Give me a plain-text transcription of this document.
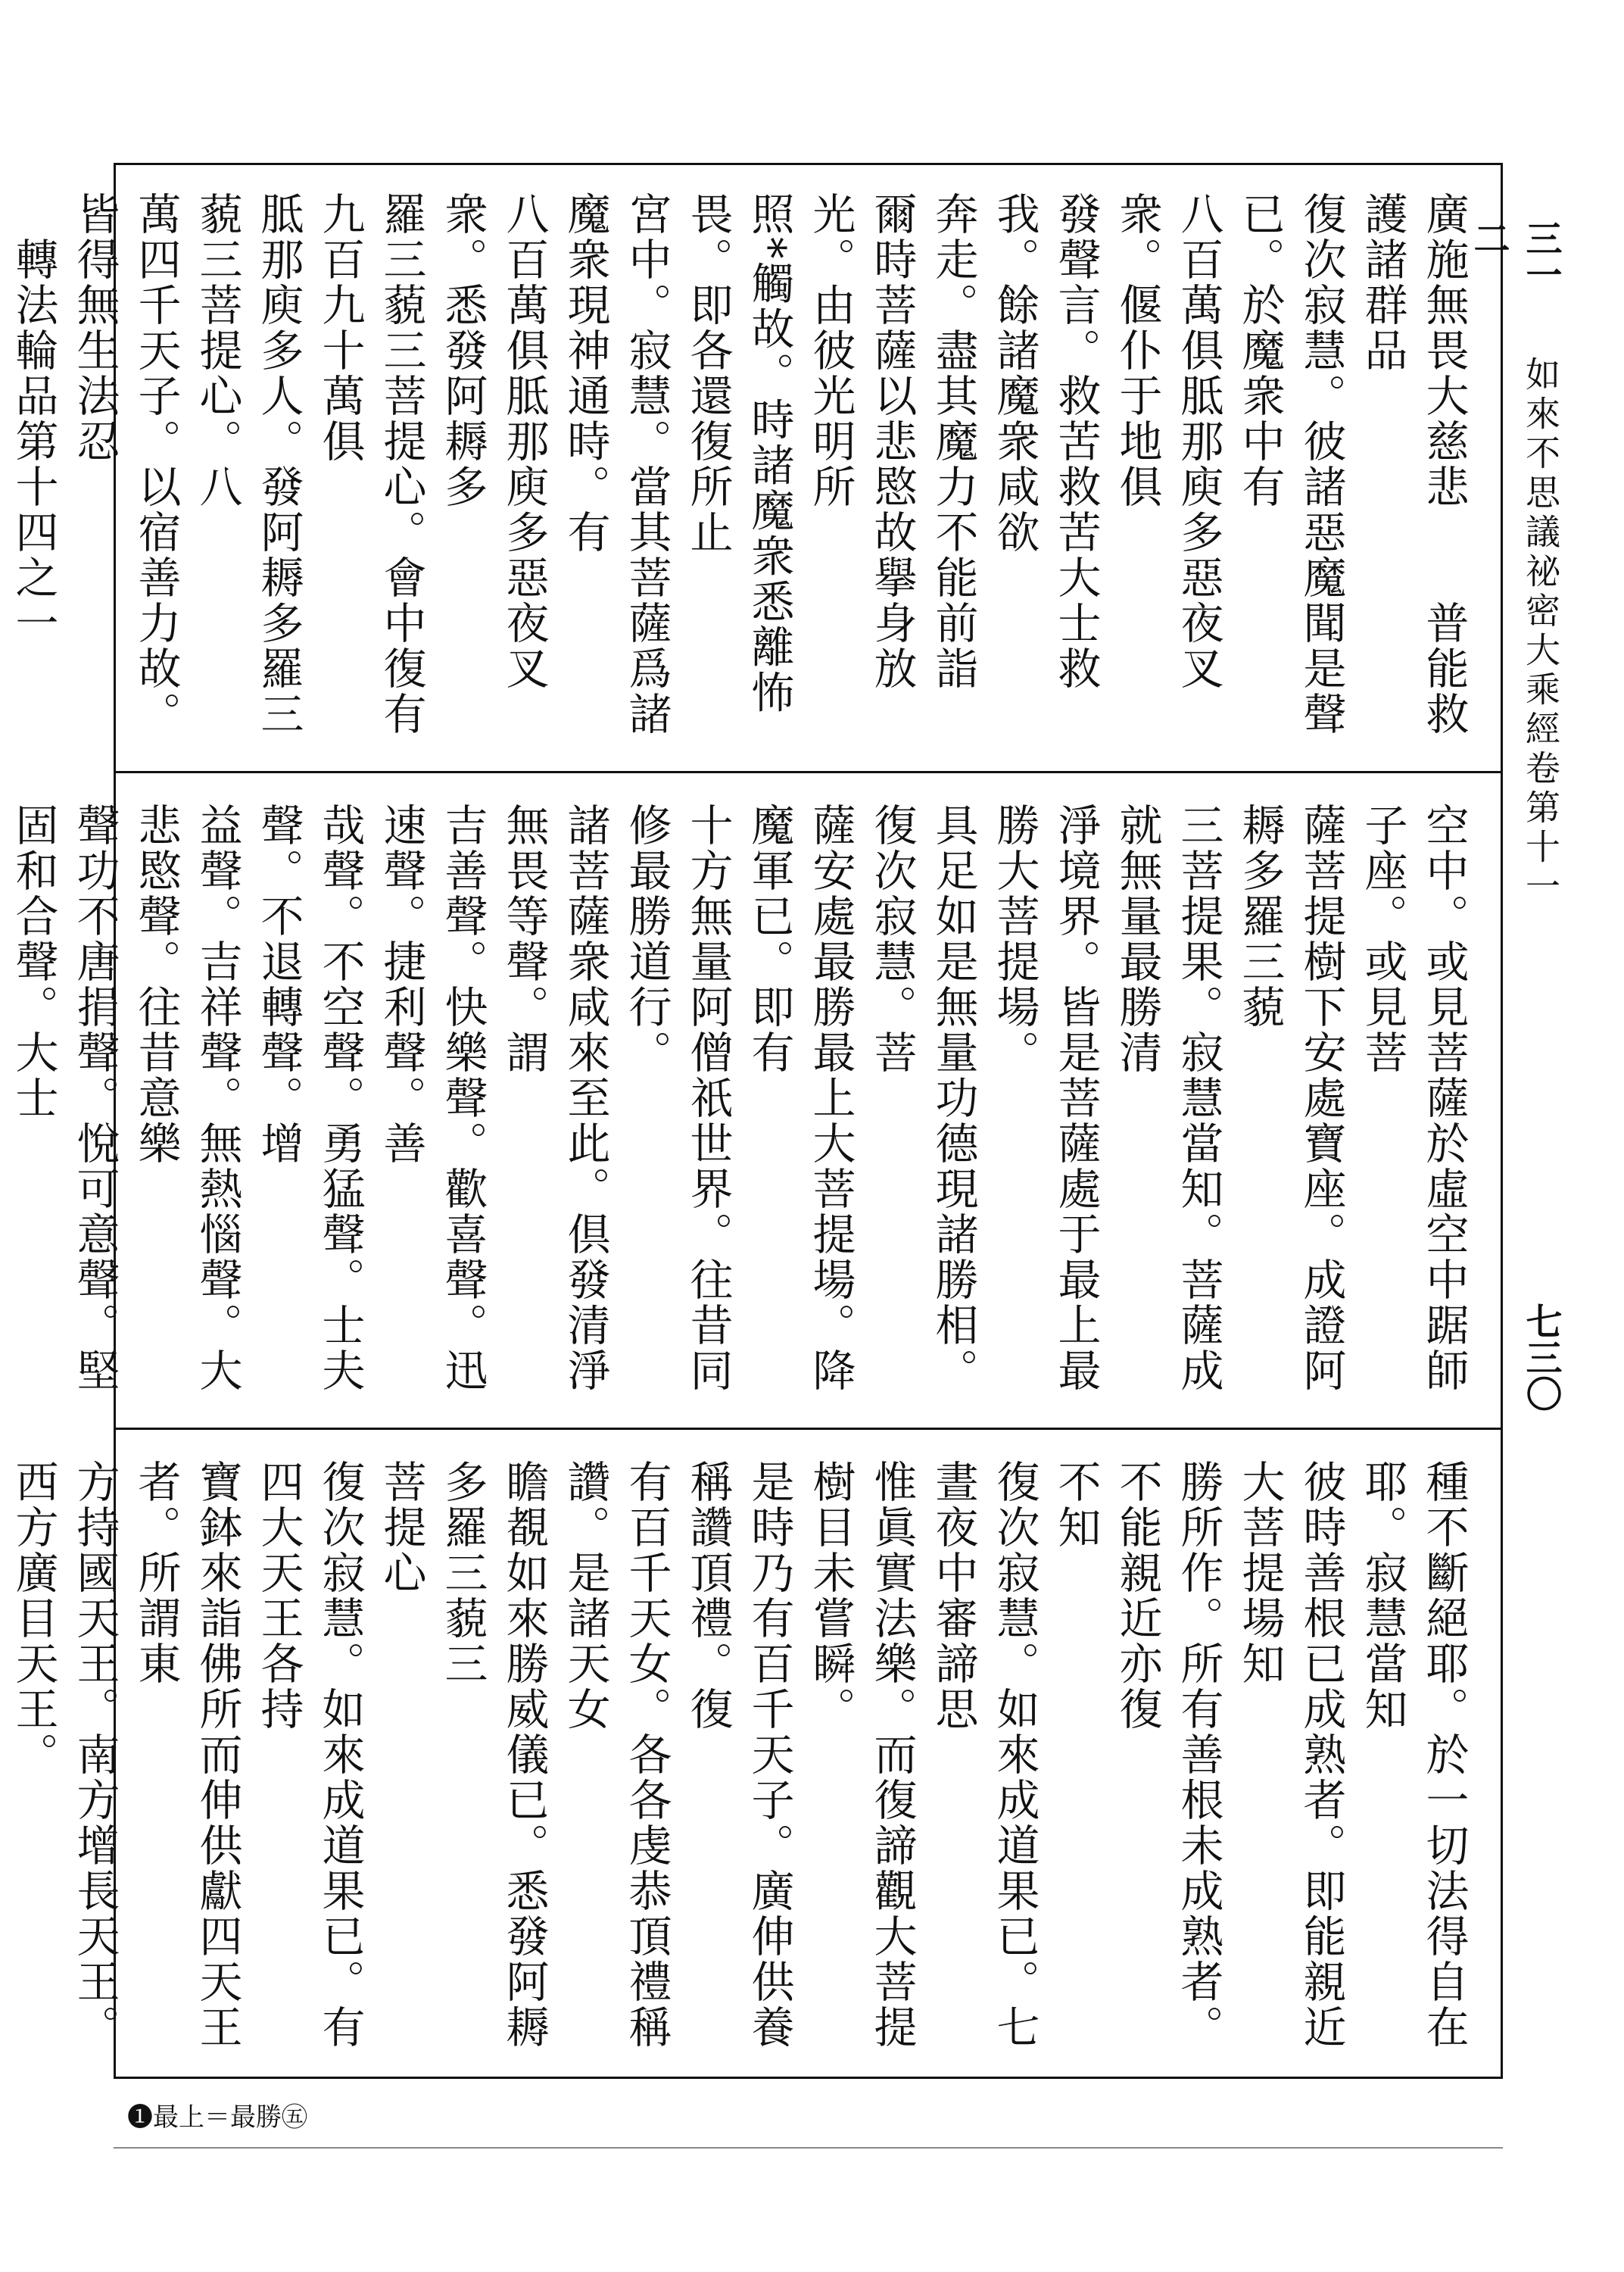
三一二
如來不思議祕密大乘經卷第十一
七三〇
廣施無畏大慈悲　　普能救護諸群品
復次寂慧。彼諸惡魔聞是聲已。於魔衆中有
八百萬俱胝那庾多惡夜叉衆。偃仆于地俱
發聲言。救苦救苦大士救我。餘諸魔衆咸欲
奔走。盡其魔力不能前詣
爾時菩薩以悲愍故擧身放光。由彼光明所
照*觸故。時諸魔衆悉離怖畏。即各還復所止
宮中。寂慧。當其菩薩爲諸魔衆現神通時。有
八百萬俱胝那庾多惡夜叉衆。悉發阿耨多
羅三藐三菩提心。會中復有九百九十萬俱
胝那庾多人。發阿耨多羅三藐三菩提心。八
萬四千天子。以宿善力故。皆得無生法忍
　轉法輪品第十四之一

空中。或見菩薩於虛空中踞師子座。或見菩
薩菩提樹下安處寶座。成證阿耨多羅三藐
三菩提果。寂慧當知。菩薩成就無量最勝清
淨境界。皆是菩薩處于最上最勝大菩提場。
具足如是無量功德現諸勝相。復次寂慧。菩
薩安處最勝最上大菩提場。降魔軍已。即有
十方無量阿僧祇世界。往昔同修最勝道行。
諸菩薩衆咸來至此。倶發清淨無畏等聲。謂
吉善聲。快樂聲。歡喜聲。迅速聲。捷利聲。善
哉聲。不空聲。勇猛聲。士夫聲。不退轉聲。增
益聲。吉祥聲。無熱惱聲。大悲愍聲。往昔意樂
聲功不唐捐聲。悅可意聲。堅固和合聲。大士

種不斷絕耶。於一切法得自在耶。寂慧當知
彼時善根已成熟者。即能親近大菩提場知
勝所作。所有善根未成熟者。不能親近亦復
不知
復次寂慧。如來成道果已。七晝夜中審諦思
惟眞實法樂。而復諦觀大菩提樹目未嘗瞬。
是時乃有百千天子。廣伸供養稱讚頂禮。復
有百千天女。各各虔恭頂禮稱讚。是諸天女
瞻覩如來勝威儀已。悉發阿耨多羅三藐三
菩提心
復次寂慧。如來成道果已。有四大天王各持
寶鉢來詣佛所而伸供獻四天王者。所謂東
方持國天王。南方增長天王。西方廣目天王。

❶最上＝最勝㊄
